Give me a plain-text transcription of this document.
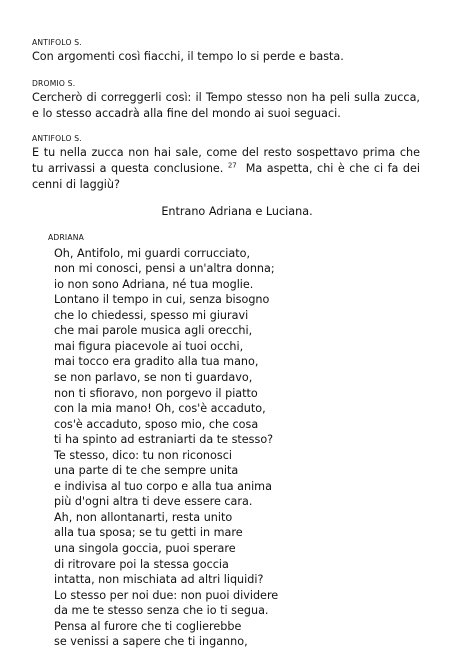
ANTIFOLO S.

Con argomenti così fiacchi, il tempo lo si perde e basta.

DROMIO S.

Cercherò di correggerli così: il Tempo stesso non ha peli sulla zucca, e lo stesso accadrà alla fine del mondo ai suoi seguaci.

ANTIFOLO S.

E tu nella zucca non hai sale, come del resto sospettavo prima che tu arrivassi a questa conclusione. $^{27}$ Ma aspetta, chi è che ci fa dei cenni di laggiù?

Entrano Adriana e Luciana.

ADRIANA

Oh, Antifolo, mi guardi corrucciato,
non mi conosci, pensi a un'altra donna;
io non sono Adriana, né tua moglie.
Lontano il tempo in cui, senza bisogno
che lo chiedessi, spesso mi giuravi
che mai parole musica agli orecchi,
mai figura piacevole ai tuoi occhi,
mai tocco era gradito alla tua mano,
se non parlavo, se non ti guardavo,
non ti sfioravo, non porgevo il piatto
con la mia mano! Oh, cos'è accaduto,
cos'è accaduto, sposo mio, che cosa
ti ha spinto ad estraniarti da te stesso?
Te stesso, dico: tu non riconosci
una parte di te che sempre unita
e indivisa al tuo corpo e alla tua anima
più d'ogni altra ti deve essere cara.
Ah, non allontanarti, resta unito
alla tua sposa; se tu getti in mare
una singola goccia, puoi sperare
di ritrovare poi la stessa goccia
intatta, non mischiata ad altri liquidi?
Lo stesso per noi due: non puoi dividere
da me te stesso senza che io ti segua.
Pensa al furore che ti coglierebbe
se venissi a sapere che ti inganno,
